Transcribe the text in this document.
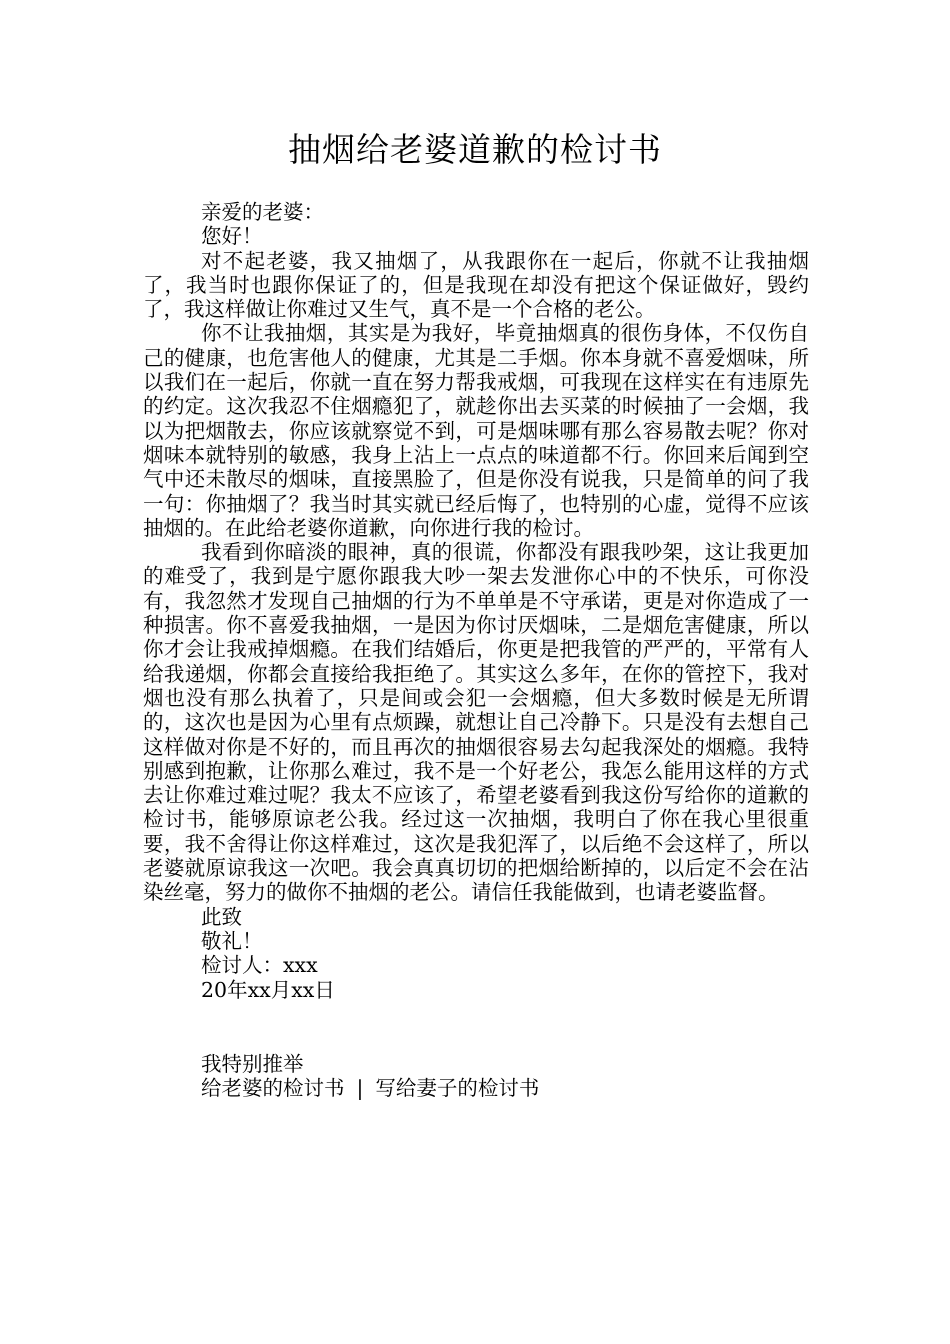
抽烟给老婆道歉的检讨书

亲爱的老婆：

您好！

对不起老婆，我又抽烟了，从我跟你在一起后，你就不让我抽烟了，我当时也跟你保证了的，但是我现在却没有把这个保证做好，毁约了，我这样做让你难过又生气，真不是一个合格的老公。

你不让我抽烟，其实是为我好，毕竟抽烟真的很伤身体，不仅伤自己的健康，也危害他人的健康，尤其是二手烟。你本身就不喜爱烟味，所以我们在一起后，你就一直在努力帮我戒烟，可我现在这样实在有违原先的约定。这次我忍不住烟瘾犯了，就趁你出去买菜的时候抽了一会烟，我以为把烟散去，你应该就察觉不到，可是烟味哪有那么容易散去呢？你对烟味本就特别的敏感，我身上沾上一点点的味道都不行。你回来后闻到空气中还未散尽的烟味，直接黑脸了，但是你没有说我，只是简单的问了我一句：你抽烟了？我当时其实就已经后悔了，也特别的心虚，觉得不应该抽烟的。在此给老婆你道歉，向你进行我的检讨。

我看到你暗淡的眼神，真的很谎，你都没有跟我吵架，这让我更加的难受了，我到是宁愿你跟我大吵一架去发泄你心中的不快乐，可你没有，我忽然才发现自己抽烟的行为不单单是不守承诺，更是对你造成了一种损害。你不喜爱我抽烟，一是因为你讨厌烟味，二是烟危害健康，所以你才会让我戒掉烟瘾。在我们结婚后，你更是把我管的严严的，平常有人给我递烟，你都会直接给我拒绝了。其实这么多年，在你的管控下，我对烟也没有那么执着了，只是间或会犯一会烟瘾，但大多数时候是无所谓的，这次也是因为心里有点烦躁，就想让自己冷静下。只是没有去想自己这样做对你是不好的，而且再次的抽烟很容易去勾起我深处的烟瘾。我特别感到抱歉，让你那么难过，我不是一个好老公，我怎么能用这样的方式去让你难过难过呢？我太不应该了，希望老婆看到我这份写给你的道歉的检讨书，能够原谅老公我。经过这一次抽烟，我明白了你在我心里很重要，我不舍得让你这样难过，这次是我犯浑了，以后绝不会这样了，所以老婆就原谅我这一次吧。我会真真切切的把烟给断掉的，以后定不会在沾染丝毫，努力的做你不抽烟的老公。请信任我能做到，也请老婆监督。

此致

敬礼！

检讨人：xxx

20年xx月xx日

我特别推举

给老婆的检讨书 | 写给妻子的检讨书
